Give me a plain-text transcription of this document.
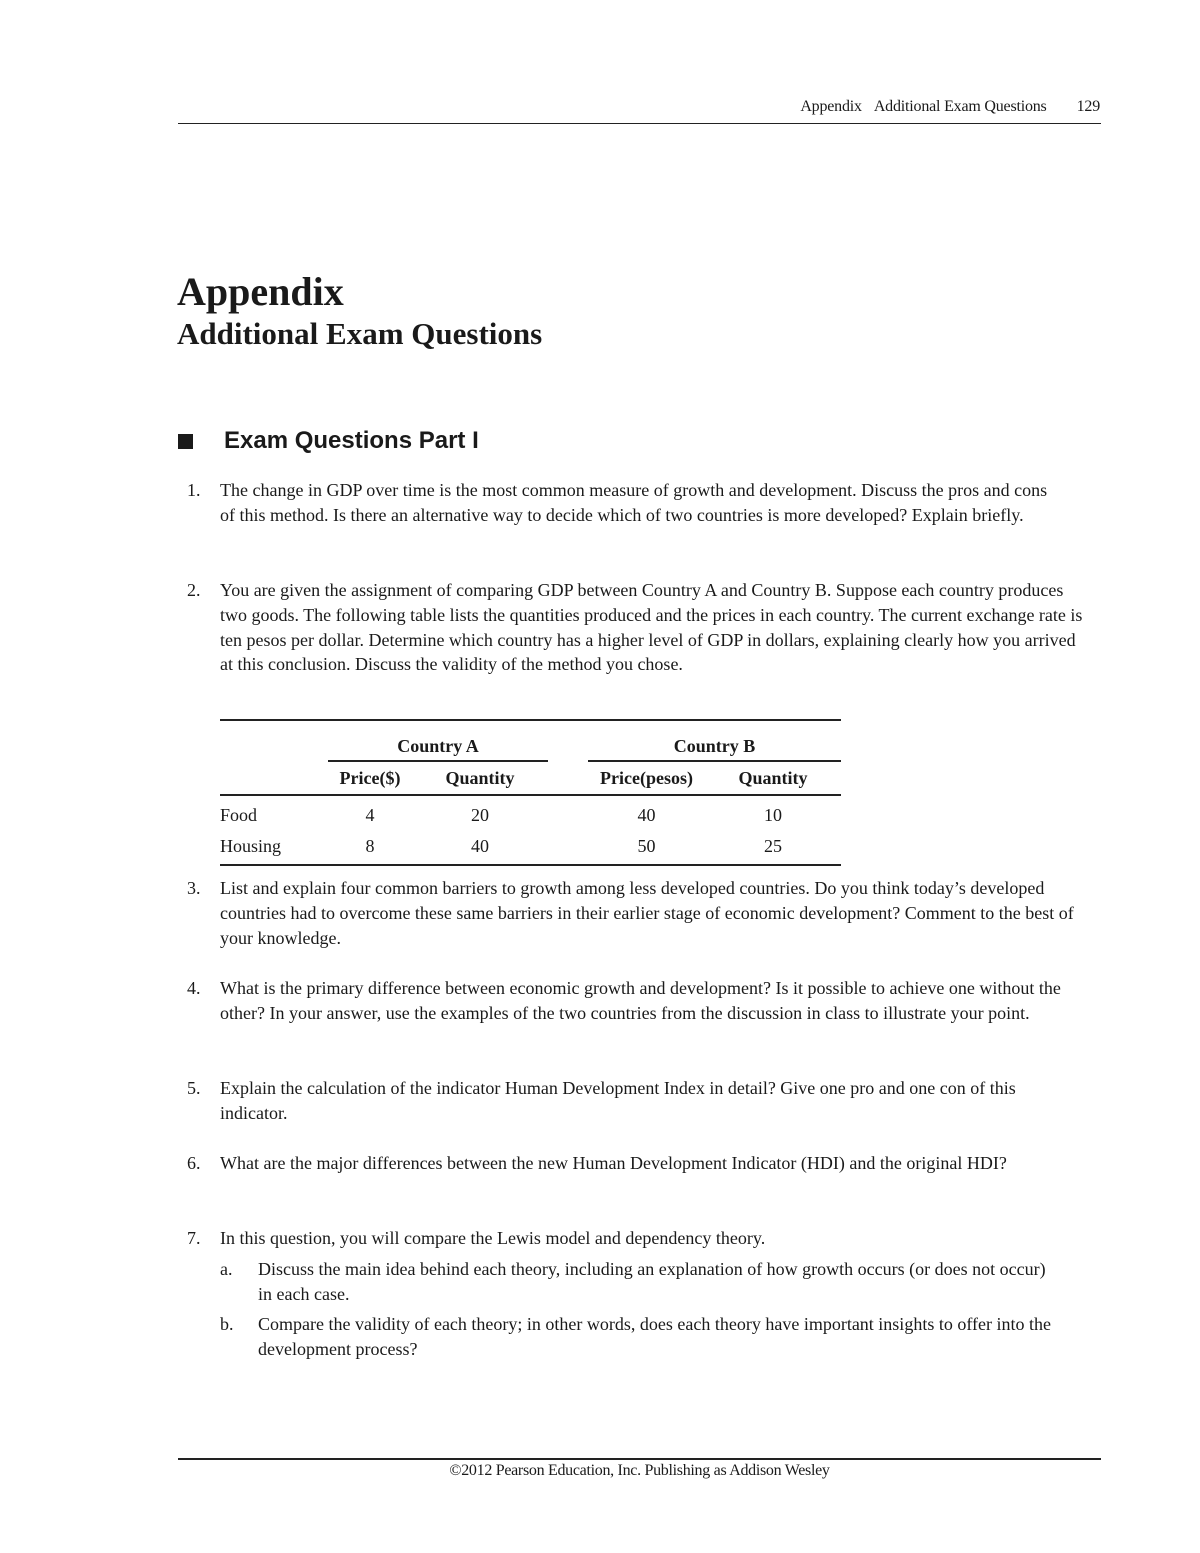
Appendix Additional Exam Questions 129
Appendix
Additional Exam Questions
Exam Questions Part I
1. The change in GDP over time is the most common measure of growth and development. Discuss the pros and cons of this method. Is there an alternative way to decide which of two countries is more developed? Explain briefly.
2. You are given the assignment of comparing GDP between Country A and Country B. Suppose each country produces two goods. The following table lists the quantities produced and the prices in each country. The current exchange rate is ten pesos per dollar. Determine which country has a higher level of GDP in dollars, explaining clearly how you arrived at this conclusion. Discuss the validity of the method you chose.
	Country A			Country B	
	Price($)	Quantity		Price(pesos)	Quantity
Food	4	20		40	10
Housing	8	40		50	25
3. List and explain four common barriers to growth among less developed countries. Do you think today’s developed countries had to overcome these same barriers in their earlier stage of economic development? Comment to the best of your knowledge.
4. What is the primary difference between economic growth and development? Is it possible to achieve one without the other? In your answer, use the examples of the two countries from the discussion in class to illustrate your point.
5. Explain the calculation of the indicator Human Development Index in detail? Give one pro and one con of this indicator.
6. What are the major differences between the new Human Development Indicator (HDI) and the original HDI?
7. In this question, you will compare the Lewis model and dependency theory.
a. Discuss the main idea behind each theory, including an explanation of how growth occurs (or does not occur) in each case.
b. Compare the validity of each theory; in other words, does each theory have important insights to offer into the development process?
©2012 Pearson Education, Inc. Publishing as Addison Wesley
